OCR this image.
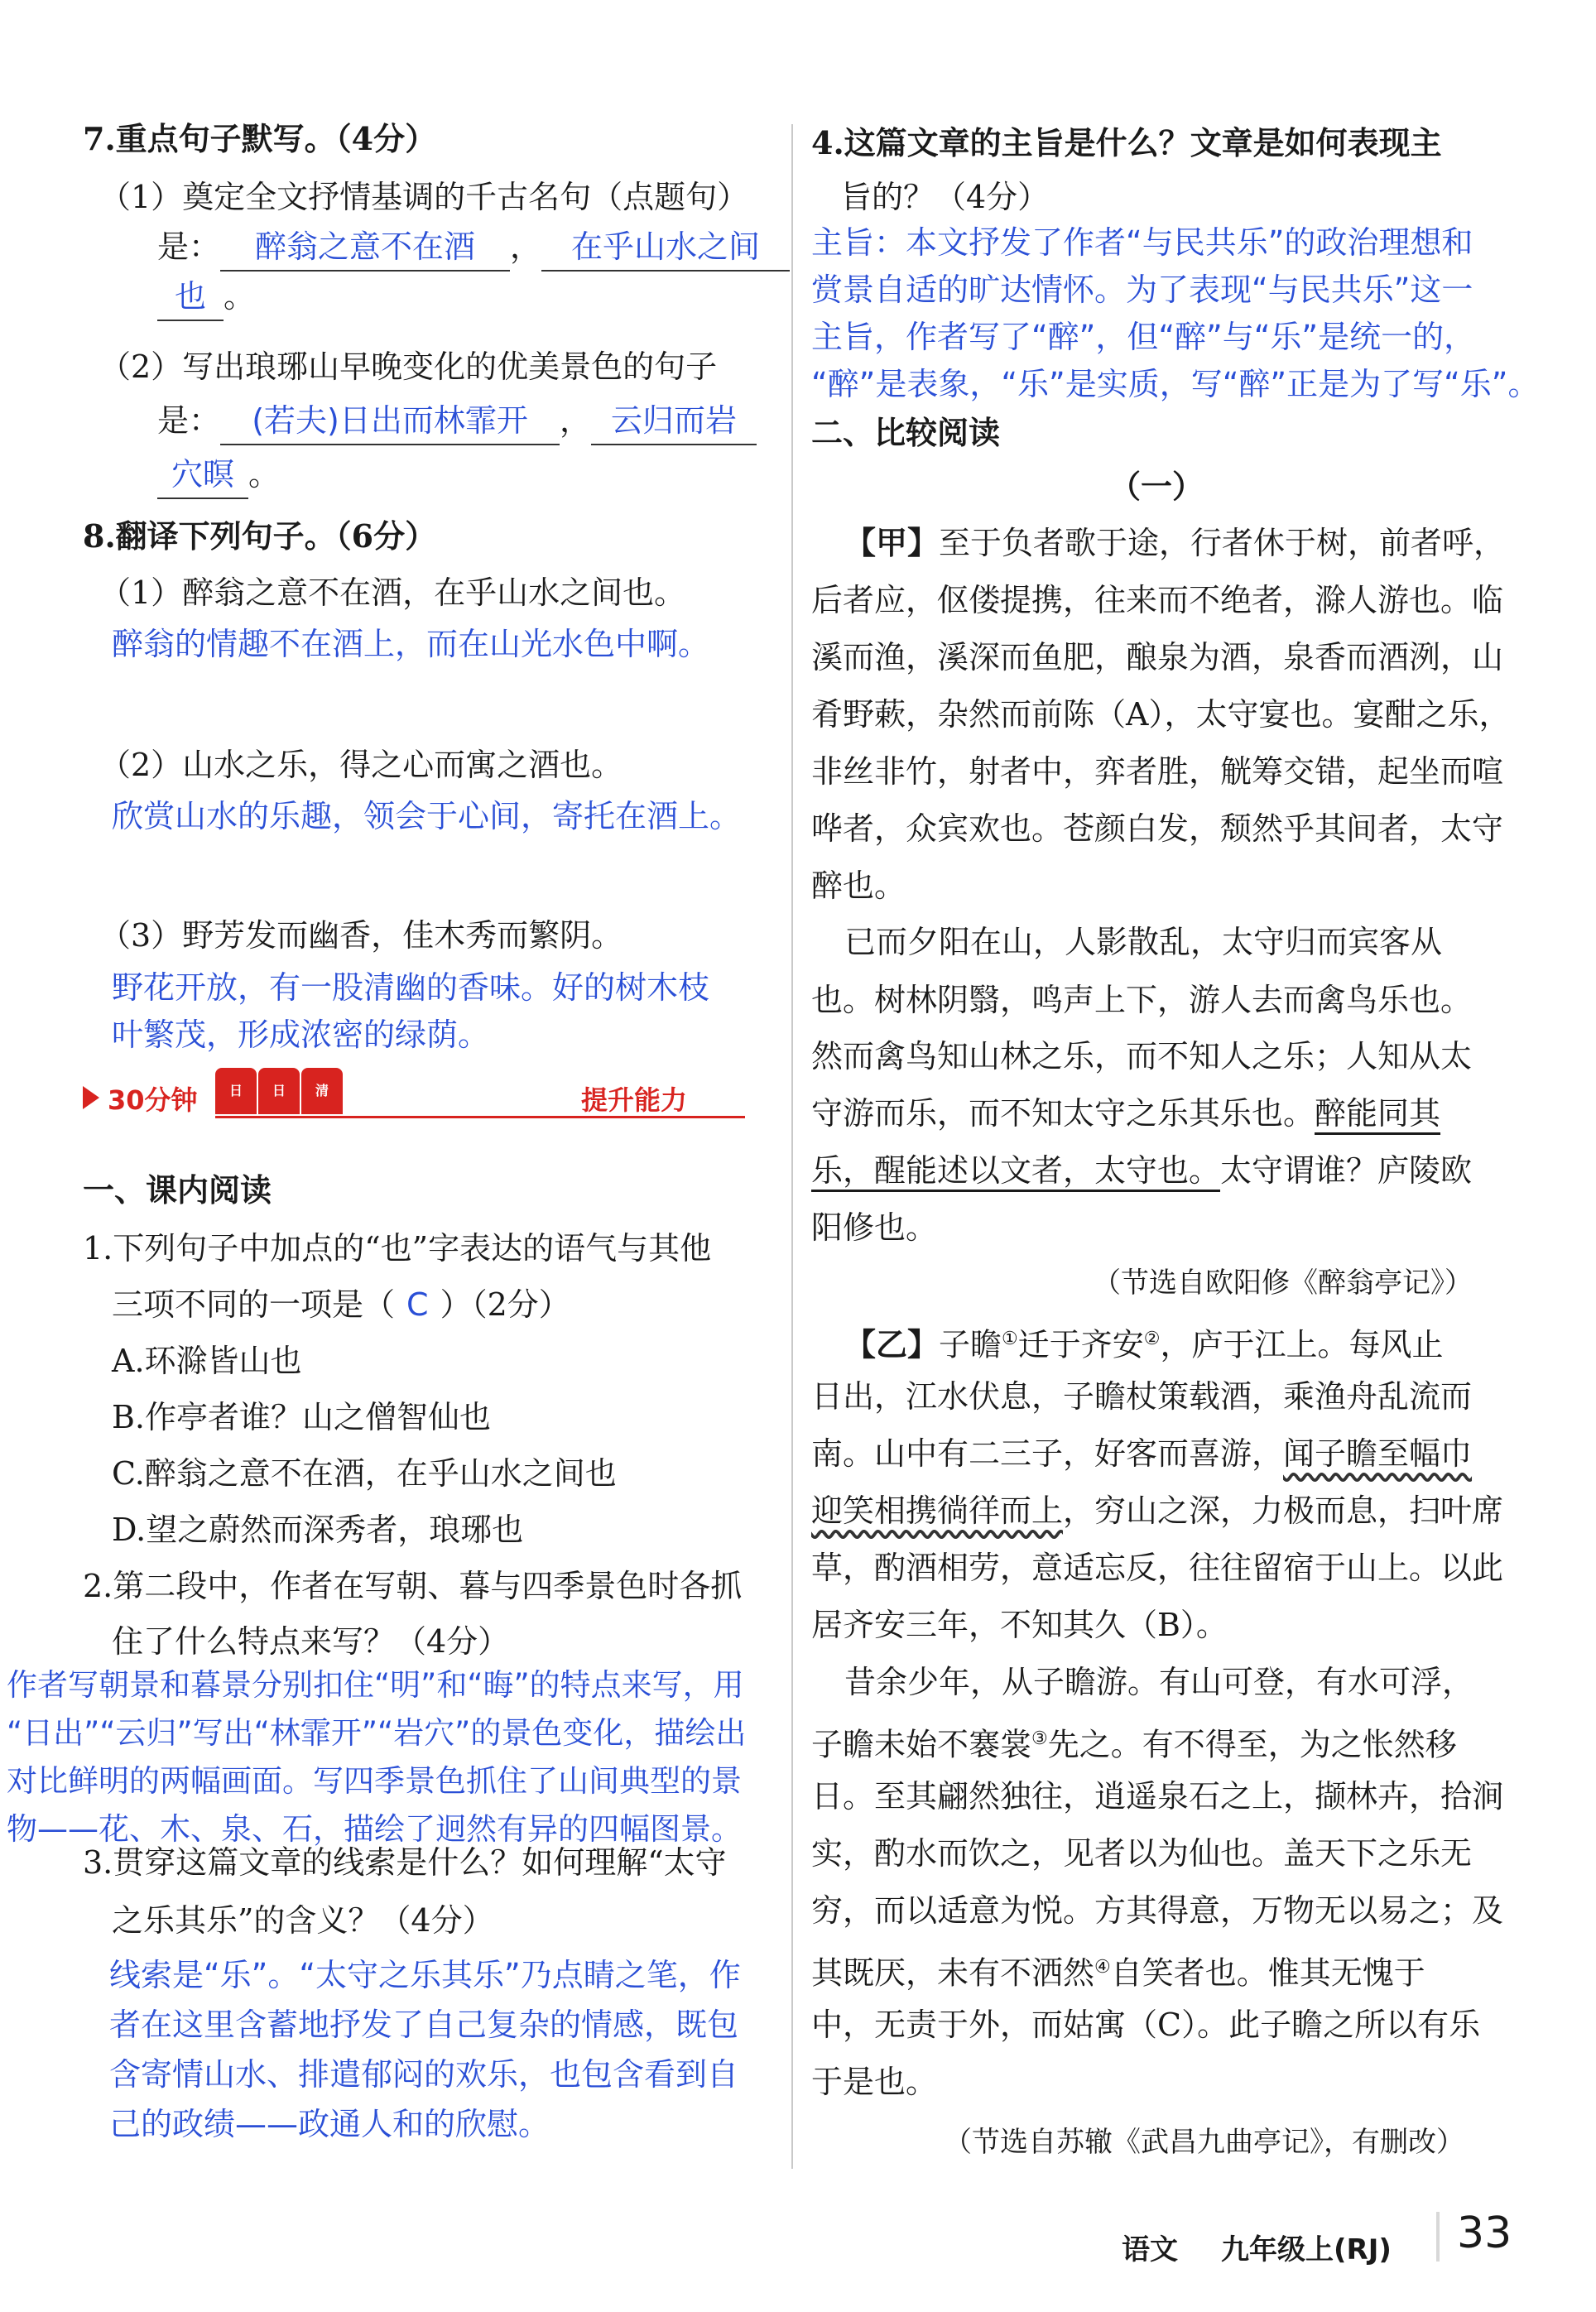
7.重点句子默写。（4分）
（1）奠定全文抒情基调的千古名句（点题句）
是： 醉翁之意不在酒 ， 在乎山水之间
也 。
（2）写出琅琊山早晚变化的优美景色的句子
是： (若夫)日出而林霏开 ， 云归而岩
穴暝 。
8.翻译下列句子。（6分）
（1）醉翁之意不在酒，在乎山水之间也。
醉翁的情趣不在酒上，而在山光水色中啊。
（2）山水之乐，得之心而寓之酒也。
欣赏山水的乐趣，领会于心间，寄托在酒上。
（3）野芳发而幽香，佳木秀而繁阴。
野花开放，有一股清幽的香味。好的树木枝
叶繁茂，形成浓密的绿荫。
30分钟	日 日 清	提升能力
一、课内阅读
1.下列句子中加点的“也”字表达的语气与其他
三项不同的一项是（ C ）（2分）
A.环滁皆山也
B.作亭者谁？山之僧智仙也
C.醉翁之意不在酒，在乎山水之间也
D.望之蔚然而深秀者，琅琊也
2.第二段中，作者在写朝、暮与四季景色时各抓
住了什么特点来写？（4分）
作者写朝景和暮景分别扣住“明”和“晦”的特点来写，用
“日出”“云归”写出“林霏开”“岩穴”的景色变化，描绘出
对比鲜明的两幅画面。写四季景色抓住了山间典型的景
物——花、木、泉、石，描绘了迥然有异的四幅图景。
3.贯穿这篇文章的线索是什么？如何理解“太守
之乐其乐”的含义？（4分）
线索是“乐”。“太守之乐其乐”乃点睛之笔，作
者在这里含蓄地抒发了自己复杂的情感，既包
含寄情山水、排遣郁闷的欢乐，也包含看到自
己的政绩——政通人和的欣慰。
4.这篇文章的主旨是什么？文章是如何表现主
旨的？（4分）
主旨：本文抒发了作者“与民共乐”的政治理想和
赏景自适的旷达情怀。为了表现“与民共乐”这一
主旨，作者写了“醉”，但“醉”与“乐”是统一的，
“醉”是表象，“乐”是实质，写“醉”正是为了写“乐”。
二、比较阅读
（一）
【甲】至于负者歌于途，行者休于树，前者呼，
后者应，伛偻提携，往来而不绝者，滁人游也。临
溪而渔，溪深而鱼肥，酿泉为酒，泉香而酒洌，山
肴野蔌，杂然而前陈（A），太守宴也。宴酣之乐，
非丝非竹，射者中，弈者胜，觥筹交错，起坐而喧
哗者，众宾欢也。苍颜白发，颓然乎其间者，太守
醉也。
已而夕阳在山，人影散乱，太守归而宾客从
也。树林阴翳，鸣声上下，游人去而禽鸟乐也。
然而禽鸟知山林之乐，而不知人之乐；人知从太
守游而乐，而不知太守之乐其乐也。醉能同其
乐，醒能述以文者，太守也。太守谓谁？庐陵欧
阳修也。
（节选自欧阳修《醉翁亭记》）
【乙】子瞻①迁于齐安②，庐于江上。每风止
日出，江水伏息，子瞻杖策载酒，乘渔舟乱流而
南。山中有二三子，好客而喜游，闻子瞻至幅巾
迎笑相携徜徉而上，穷山之深，力极而息，扫叶席
草，酌酒相劳，意适忘反，往往留宿于山上。以此
居齐安三年，不知其久（B）。
昔余少年，从子瞻游。有山可登，有水可浮，
子瞻未始不褰裳③先之。有不得至，为之怅然移
日。至其翩然独往，逍遥泉石之上，撷林卉，拾涧
实，酌水而饮之，见者以为仙也。盖天下之乐无
穷，而以适意为悦。方其得意，万物无以易之；及
其既厌，未有不洒然④自笑者也。惟其无愧于
中，无责于外，而姑寓（C）。此子瞻之所以有乐
于是也。
（节选自苏辙《武昌九曲亭记》，有删改）
语文 九年级上(RJ) 33
